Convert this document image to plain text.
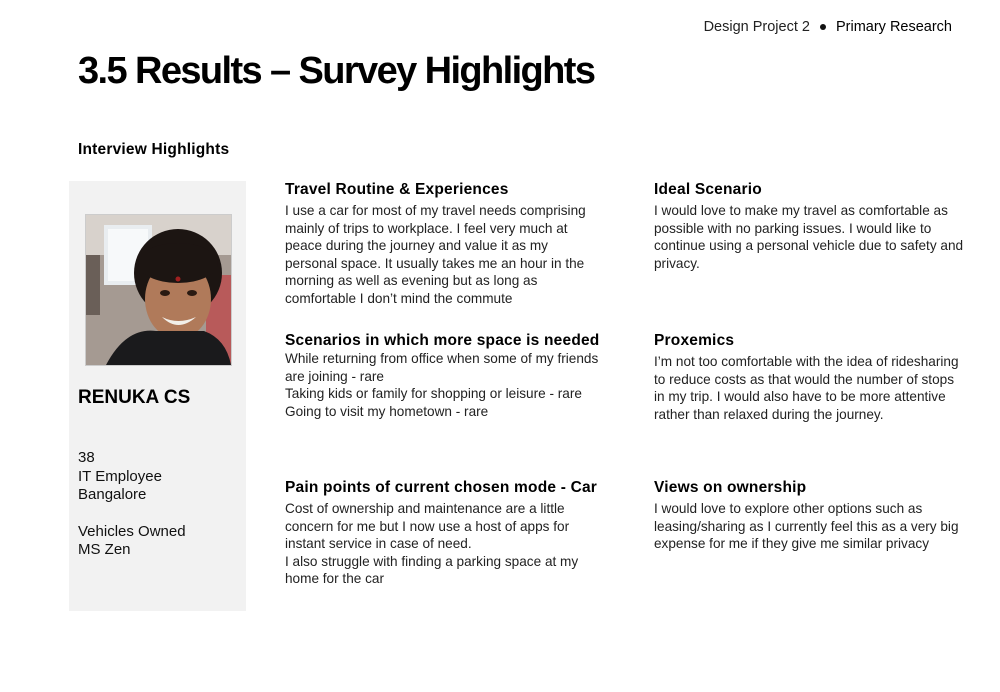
Design Project 2 Primary Research
3.5 Results – Survey Highlights
Interview Highlights
RENUKA CS
38
IT Employee
Bangalore
Vehicles Owned
MS Zen
Travel Routine & Experiences

I use a car for most of my travel needs comprising mainly of trips to workplace. I feel very much at peace during the journey and value it as my personal space. It usually takes me an hour in the morning as well as evening but as long as comfortable I don’t mind the commute

Scenarios in which more space is needed

While returning from office when some of my friends are joining - rare
Taking kids or family for shopping or leisure - rare
Going to visit my hometown - rare

Pain points of current chosen mode - Car

Cost of ownership and maintenance are a little concern for me but I now use a host of apps for instant service in case of need.
I also struggle with finding a parking space at my home for the car

Ideal Scenario

I would love to make my travel as comfortable as possible with no parking issues. I would like to continue using a personal vehicle due to safety and privacy.

Proxemics

I’m not too comfortable with the idea of ridesharing to reduce costs as that would the number of stops in my trip. I would also have to be more attentive rather than relaxed during the journey.

Views on ownership

I would love to explore other options such as leasing/sharing as I currently feel this as a very big expense for me if they give me similar privacy
